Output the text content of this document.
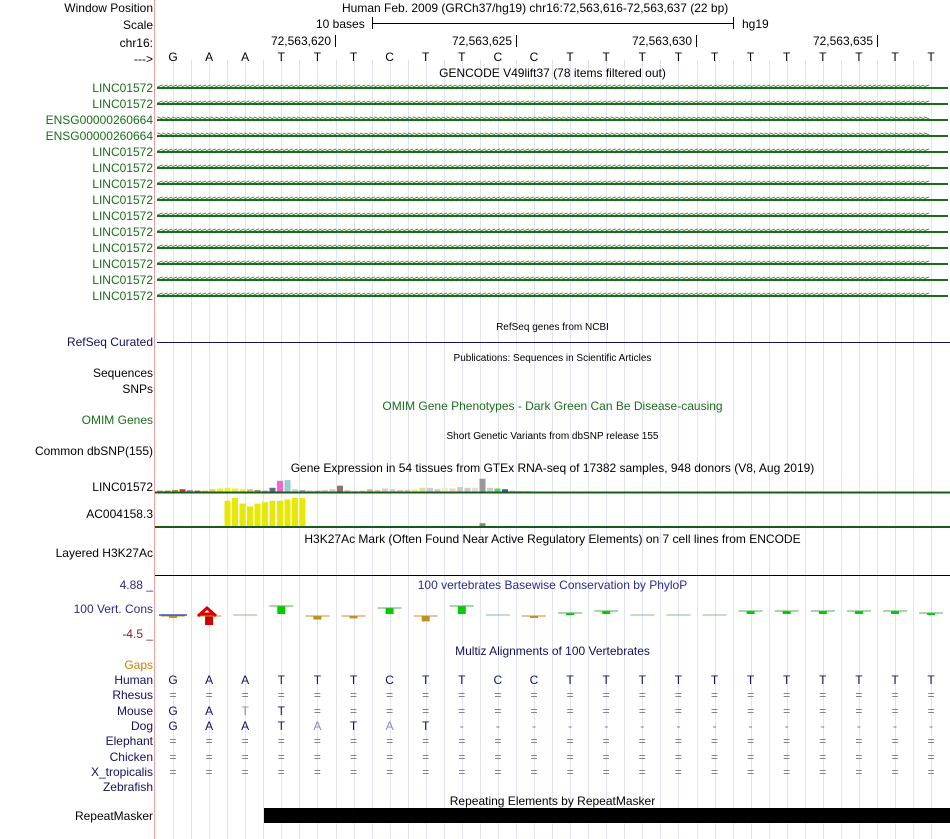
Window Position	Human Feb. 2009 (GRCh37/hg19) chr16:72,563,616-72,563,637 (22 bp)
Scale	10 bases	hg19
chr16:	72,563,620	72,563,625	72,563,630	72,563,635
--->	G	A	A	T	T	T	C	T	T	C	C	T	T	T	T	T	T	T	T	T	T	T
GENCODE V49lift37 (78 items filtered out)
LINC01572
LINC01572
ENSG00000260664
ENSG00000260664
LINC01572
LINC01572
LINC01572
LINC01572
LINC01572
LINC01572
LINC01572
LINC01572
LINC01572
LINC01572
RefSeq genes from NCBI
RefSeq Curated
Publications: Sequences in Scientific Articles
Sequences
SNPs
OMIM Gene Phenotypes - Dark Green Can Be Disease-causing
OMIM Genes
Short Genetic Variants from dbSNP release 155
Common dbSNP(155)
Gene Expression in 54 tissues from GTEx RNA-seq of 17382 samples, 948 donors (V8, Aug 2019)
LINC01572
AC004158.3
H3K27Ac Mark (Often Found Near Active Regulatory Elements) on 7 cell lines from ENCODE
Layered H3K27Ac
100 vertebrates Basewise Conservation by PhyloP
4.88 _
100 Vert. Cons
-4.5 _
Multiz Alignments of 100 Vertebrates
Gaps
Human	G	A	A	T	T	T	C	T	T	C	C	T	T	T	T	T	T	T	T	T	T	T
Rhesus	=	=	=	=	=	=	=	=	=	=	=	=	=	=	=	=	=	=	=	=	=	=
Mouse	G	A	T	T	=	=	=	=	=	=	=	=	=	=	=	=	=	=	=	=	=	=
Dog	G	A	A	T	A	T	A	T	-	-	-	-	-	-	-	-	-	-	-	-	-	-
Elephant	=	=	=	=	=	=	=	=	=	=	=	=	=	=	=	=	=	=	=	=	=	=
Chicken	=	=	=	=	=	=	=	=	=	=	=	=	=	=	=	=	=	=	=	=	=	=
X_tropicalis	=	=	=	=	=	=	=	=	=	=	=	=	=	=	=	=	=	=	=	=	=	=
Zebrafish
Repeating Elements by RepeatMasker
RepeatMasker
